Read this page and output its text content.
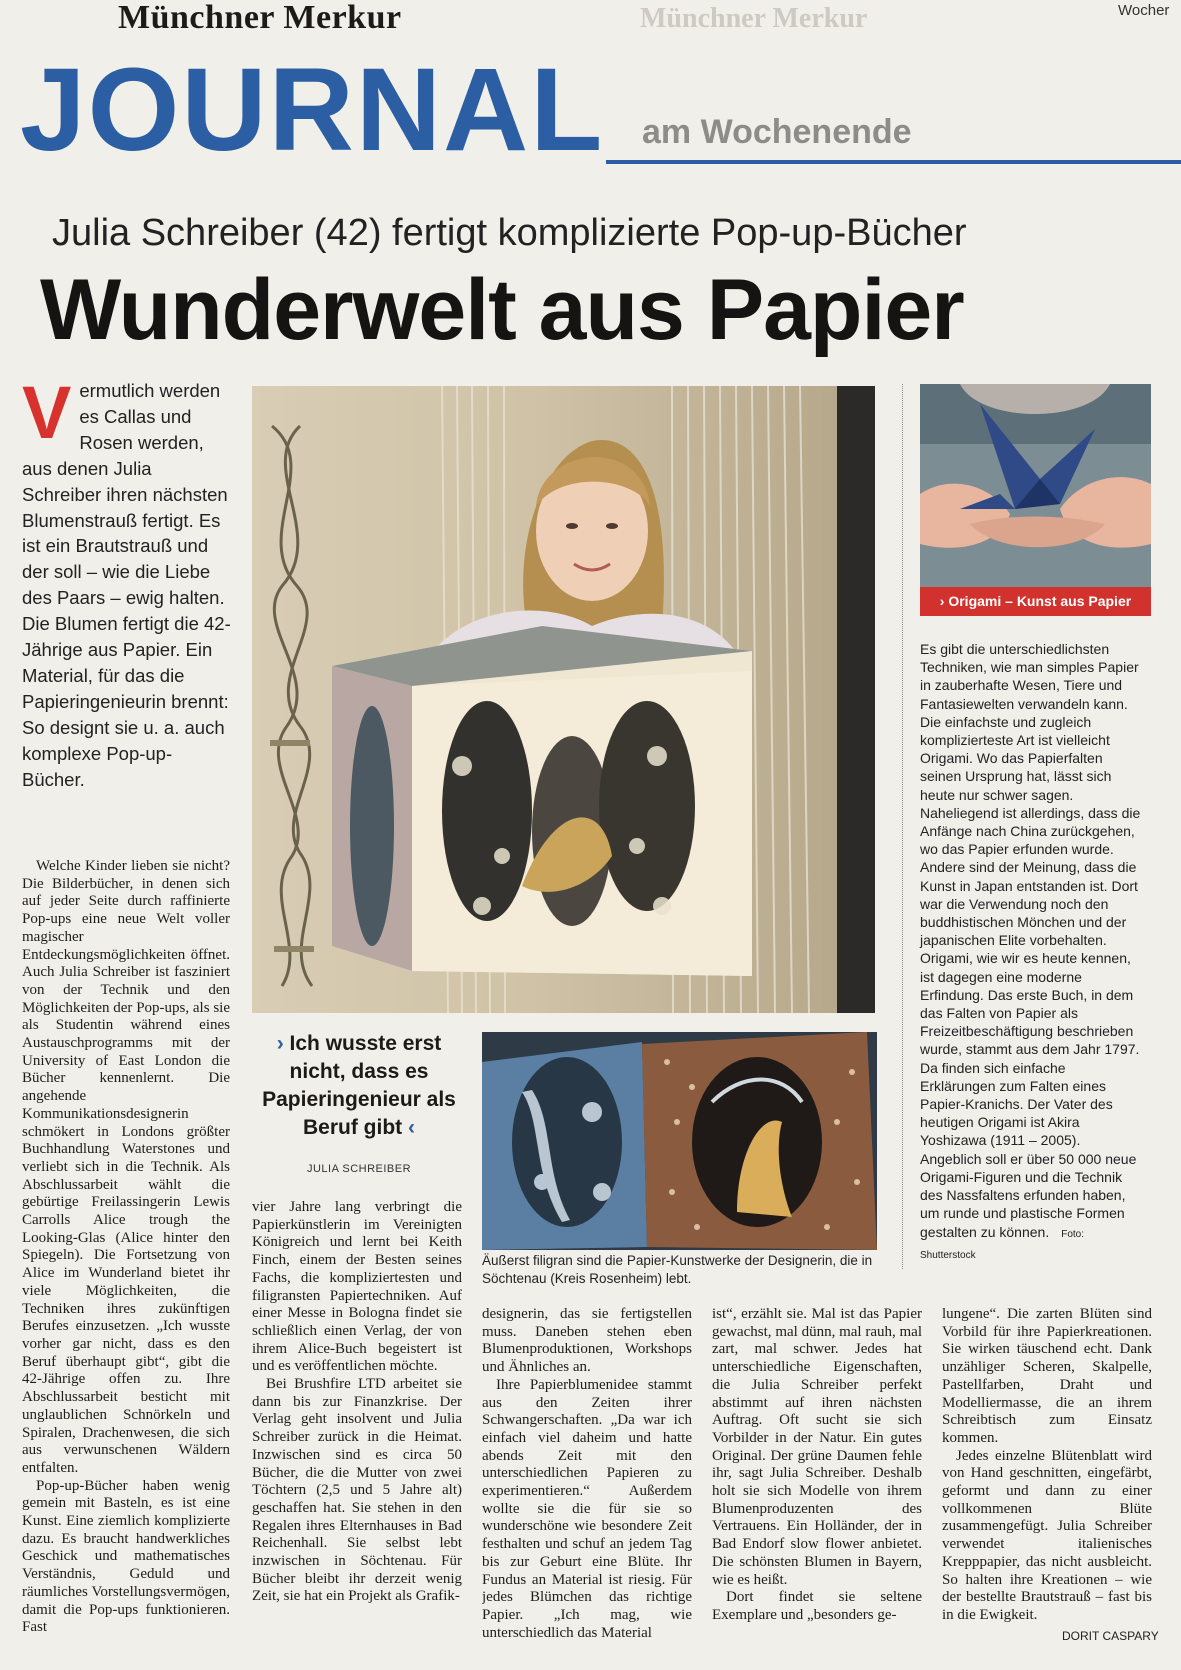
Münchner Merkur	Münchner Merkur	Wocher
JOURNAL am Wochenende
Julia Schreiber (42) fertigt komplizierte Pop-up-Bücher
Wunderwelt aus Papier
Vermutlich werden es Callas und Rosen werden, aus denen Julia Schreiber ihren nächsten Blumenstrauß fertigt. Es ist ein Brautstrauß und der soll – wie die Liebe des Paars – ewig halten. Die Blumen fertigt die 42-Jährige aus Papier. Ein Material, für das die Papieringenieurin brennt: So designt sie u. a. auch komplexe Pop-up-Bücher.
› Ich wusste erst nicht, dass es Papieringenieur als Beruf gibt ‹
JULIA SCHREIBER
Äußerst filigran sind die Papier-Kunstwerke der Designerin, die in Söchtenau (Kreis Rosenheim) lebt.
› Origami – Kunst aus Papier
Es gibt die unterschiedlichsten Techniken, wie man simples Papier in zauberhafte Wesen, Tiere und Fantasiewelten verwandeln kann. Die einfachste und zugleich komplizierteste Art ist vielleicht Origami. Wo das Papierfalten seinen Ursprung hat, lässt sich heute nur schwer sagen. Naheliegend ist allerdings, dass die Anfänge nach China zurückgehen, wo das Papier erfunden wurde. Andere sind der Meinung, dass die Kunst in Japan entstanden ist. Dort war die Verwendung noch den buddhistischen Mönchen und der japanischen Elite vorbehalten. Origami, wie wir es heute kennen, ist dagegen eine moderne Erfindung. Das erste Buch, in dem das Falten von Papier als Freizeitbeschäftigung beschrieben wurde, stammt aus dem Jahr 1797. Da finden sich einfache Erklärungen zum Falten eines Papier-Kranichs. Der Vater des heutigen Origami ist Akira Yoshizawa (1911 – 2005). Angeblich soll er über 50 000 neue Origami-Figuren und die Technik des Nassfaltens erfunden haben, um runde und plastische Formen gestalten zu können. Foto: Shutterstock

Welche Kinder lieben sie nicht? Die Bilderbücher, in denen sich auf jeder Seite durch raffinierte Pop-ups eine neue Welt voller magischer Entdeckungsmöglichkeiten öffnet. Auch Julia Schreiber ist fasziniert von der Technik und den Möglichkeiten der Pop-ups, als sie als Studentin während eines Austauschprogramms mit der University of East London die Bücher kennenlernt. Die angehende Kommunikationsdesignerin schmökert in Londons größter Buchhandlung Waterstones und verliebt sich in die Technik. Als Abschlussarbeit wählt die gebürtige Freilassingerin Lewis Carrolls Alice trough the Looking-Glas (Alice hinter den Spiegeln). Die Fortsetzung von Alice im Wunderland bietet ihr viele Möglichkeiten, die Techniken ihres zukünftigen Berufes einzusetzen. „Ich wusste vorher gar nicht, dass es den Beruf überhaupt gibt“, gibt die 42-Jährige offen zu. Ihre Abschlussarbeit besticht mit unglaublichen Schnörkeln und Spiralen, Drachenwesen, die sich aus verwunschenen Wäldern entfalten.

Pop-up-Bücher haben wenig gemein mit Basteln, es ist eine Kunst. Eine ziemlich komplizierte dazu. Es braucht handwerkliches Geschick und mathematisches Verständnis, Geduld und räumliches Vorstellungsvermögen, damit die Pop-ups funktionieren. Fast

vier Jahre lang verbringt die Papierkünstlerin im Vereinigten Königreich und lernt bei Keith Finch, einem der Besten seines Fachs, die kompliziertesten und filigransten Papiertechniken. Auf einer Messe in Bologna findet sie schließlich einen Verlag, der von ihrem Alice-Buch begeistert ist und es veröffentlichen möchte.

Bei Brushfire LTD arbeitet sie dann bis zur Finanzkrise. Der Verlag geht insolvent und Julia Schreiber zurück in die Heimat. Inzwischen sind es circa 50 Bücher, die die Mutter von zwei Töchtern (2,5 und 5 Jahre alt) geschaffen hat. Sie stehen in den Regalen ihres Elternhauses in Bad Reichenhall. Sie selbst lebt inzwischen in Söchtenau. Für Bücher bleibt ihr derzeit wenig Zeit, sie hat ein Projekt als Grafik-

designerin, das sie fertigstellen muss. Daneben stehen eben Blumenproduktionen, Workshops und Ähnliches an.

Ihre Papierblumenidee stammt aus den Zeiten ihrer Schwangerschaften. „Da war ich einfach viel daheim und hatte abends Zeit mit den unterschiedlichen Papieren zu experimentieren.“ Außerdem wollte sie die für sie so wunderschöne wie besondere Zeit festhalten und schuf an jedem Tag bis zur Geburt eine Blüte. Ihr Fundus an Material ist riesig. Für jedes Blümchen das richtige Papier. „Ich mag, wie unterschiedlich das Material

ist“, erzählt sie. Mal ist das Papier gewachst, mal dünn, mal rauh, mal zart, mal schwer. Jedes hat unterschiedliche Eigenschaften, die Julia Schreiber perfekt abstimmt auf ihren nächsten Auftrag. Oft sucht sie sich Vorbilder in der Natur. Ein gutes Original. Der grüne Daumen fehle ihr, sagt Julia Schreiber. Deshalb holt sie sich Modelle von ihrem Blumenproduzenten des Vertrauens. Ein Holländer, der in Bad Endorf slow flower anbietet. Die schönsten Blumen in Bayern, wie es heißt.

Dort findet sie seltene Exemplare und „besonders ge-

lungene“. Die zarten Blüten sind Vorbild für ihre Papierkreationen. Sie wirken täuschend echt. Dank unzähliger Scheren, Skalpelle, Pastellfarben, Draht und Modelliermasse, die an ihrem Schreibtisch zum Einsatz kommen.

Jedes einzelne Blütenblatt wird von Hand geschnitten, eingefärbt, geformt und dann zu einer vollkommenen Blüte zusammengefügt. Julia Schreiber verwendet italienisches Krepppapier, das nicht ausbleicht. So halten ihre Kreationen – wie der bestellte Brautstrauß – fast bis in die Ewigkeit.

DORIT CASPARY
